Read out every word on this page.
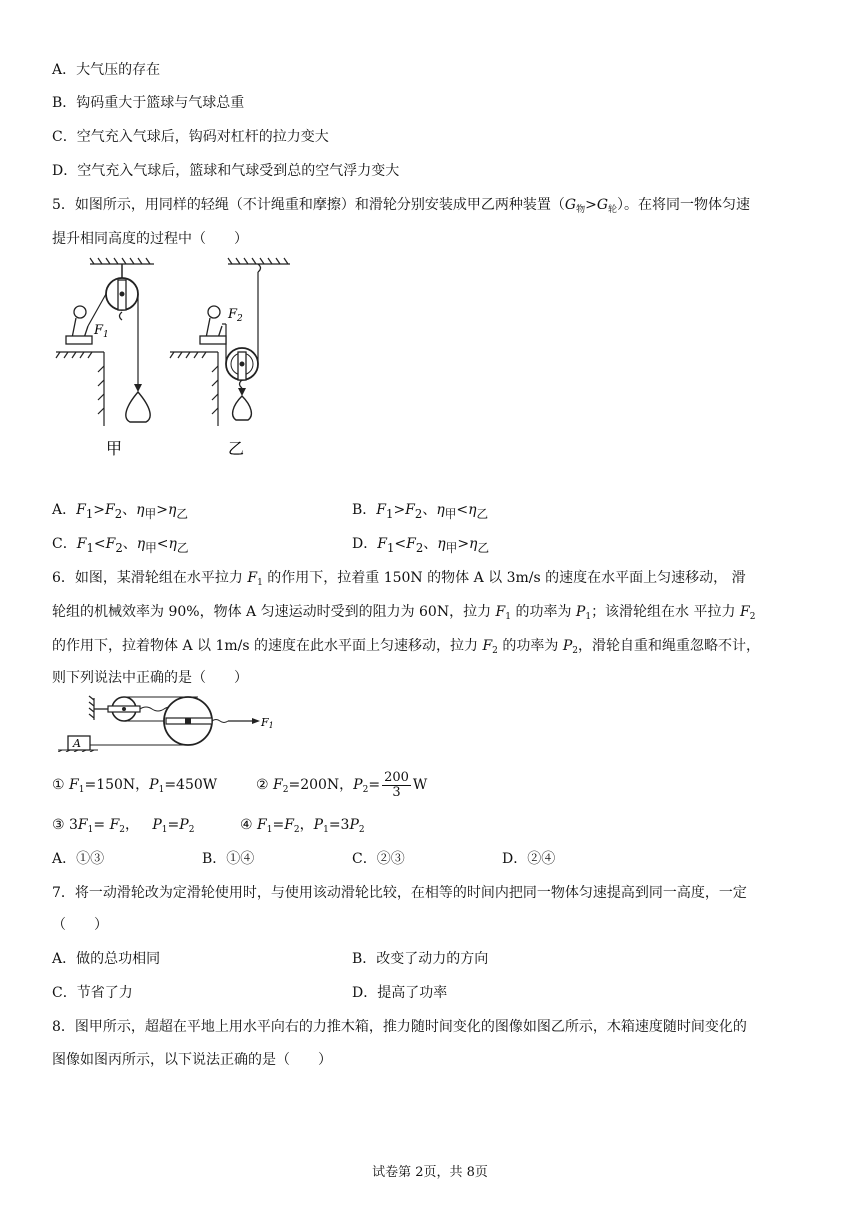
A．大气压的存在
B．钩码重大于篮球与气球总重
C．空气充入气球后，钩码对杠杆的拉力变大
D．空气充入气球后，篮球和气球受到总的空气浮力变大
5．如图所示，用同样的轻绳（不计绳重和摩擦）和滑轮分别安装成甲乙两种装置$(G_物>G_轮)$。在将同一物体匀速
提升相同高度的过程中（　　）
$F_1$
$F_2$
甲	乙
A．$F_1>F_2$、$\eta_甲>\eta_乙$	B．$F_1>F_2$、$\eta_甲<\eta_乙$
C．$F_1<F_2$、$\eta_甲<\eta_乙$	D．$F_1<F_2$、$\eta_甲>\eta_乙$
6．如图，某滑轮组在水平拉力 $F_1$ 的作用下，拉着重 150N 的物体 A 以 3m/s 的速度在水平面上匀速移动， 滑
轮组的机械效率为 90%，物体 A 匀速运动时受到的阻力为 60N，拉力 $F_1$ 的功率为 $P_1$；该滑轮组在水 平拉力 $F_2$
的作用下，拉着物体 A 以 1m/s 的速度在此水平面上匀速移动，拉力 $F_2$ 的功率为 $P_2$，滑轮自重和绳重忽略不计，
则下列说法中正确的是（　　）
F1
A
① $F_1=150N$，$P_1=450W$	② $F_2=200N$，$P_2= \frac{200}{3}$ W
③ $3F_1= F_2$， $P_1=P_2$	④ $F_1=F_2$，$P_1=3P_2$
A．①③	B．①④	C．②③	D．②④
7．将一动滑轮改为定滑轮使用时，与使用该动滑轮比较，在相等的时间内把同一物体匀速提高到同一高度，一定
（　　）
A．做的总功相同	B．改变了动力的方向
C．节省了力	D．提高了功率
8．图甲所示，超超在平地上用水平向右的力推木箱，推力随时间变化的图像如图乙所示，木箱速度随时间变化的
图像如图丙所示，以下说法正确的是（　　）
试卷第 2页，共 8页
